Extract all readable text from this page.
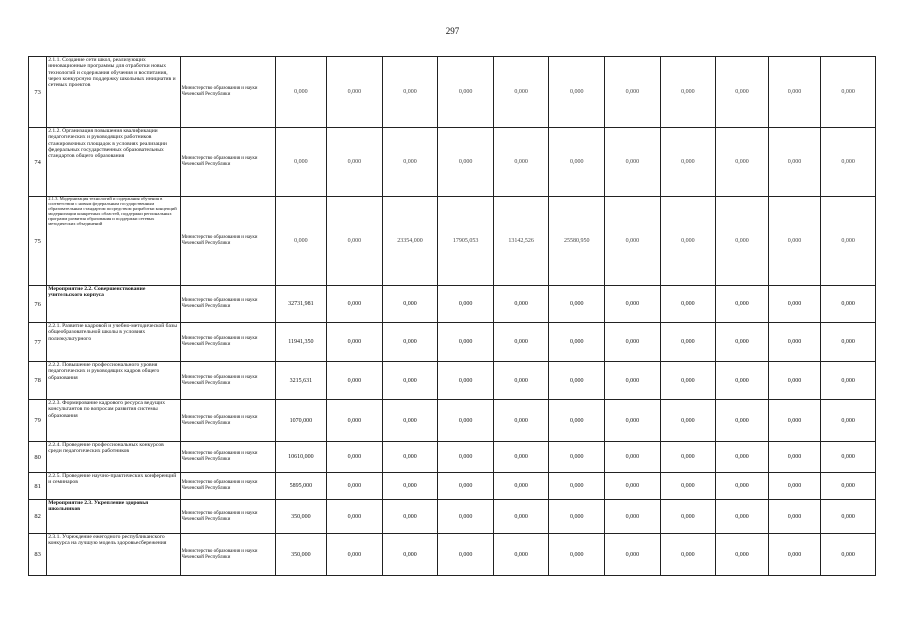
297
73	2.1.1. Создание сети школ, реализующих инновационные программы для отработки новых технологий и содержания обучения и воспитания, через конкурсную поддержку школьных инициатив и сетевых проектов	Министерство образования и науки Чеченской Республики	0,000	0,000	0,000	0,000	0,000	0,000	0,000	0,000	0,000	0,000	0,000
74	2.1.2. Организация повышения квалификации педагогических и руководящих работников стажировочных площадок в условиях реализации федеральных государственных образовательных стандартов общего образования	Министерство образования и науки Чеченской Республики	0,000	0,000	0,000	0,000	0,000	0,000	0,000	0,000	0,000	0,000	0,000
75	2.1.3. Модернизация технологий и содержания обучения в соответствии с новым федеральным государственным образовательным стандартом посредством разработки концепций модернизации конкретных областей, поддержки региональных программ развития образования и поддержки сетевых методических объединений	Министерство образования и науки Чеченской Республики	0,000	0,000	23354,000	17905,053	13142,526	25580,950	0,000	0,000	0,000	0,000	0,000
76	Мероприятие 2.2. Совершенствование учительского корпуса	Министерство образования и науки Чеченской Республики	32731,981	0,000	0,000	0,000	0,000	0,000	0,000	0,000	0,000	0,000	0,000
77	2.2.1. Развитие кадровой и учебно-методической базы общеобразовательной школы в условиях полиэкультурного	Министерство образования и науки Чеченской Республики	11941,350	0,000	0,000	0,000	0,000	0,000	0,000	0,000	0,000	0,000	0,000
78	2.2.2. Повышение профессионального уровня педагогических и руководящих кадров общего образования	Министерство образования и науки Чеченской Республики	3215,631	0,000	0,000	0,000	0,000	0,000	0,000	0,000	0,000	0,000	0,000
79	2.2.3. Формирование кадрового ресурса ведущих консультантов по вопросам развития системы образования	Министерство образования и науки Чеченской Республики	1070,000	0,000	0,000	0,000	0,000	0,000	0,000	0,000	0,000	0,000	0,000
80	2.2.4. Проведение профессиональных конкурсов среди педагогических работников	Министерство образования и науки Чеченской Республики	10610,000	0,000	0,000	0,000	0,000	0,000	0,000	0,000	0,000	0,000	0,000
81	2.2.5. Проведение научно-практических конференций и семинаров	Министерство образования и науки Чеченской Республики	5895,000	0,000	0,000	0,000	0,000	0,000	0,000	0,000	0,000	0,000	0,000
82	Мероприятие 2.3. Укрепление здоровья школьников	Министерство образования и науки Чеченской Республики	350,000	0,000	0,000	0,000	0,000	0,000	0,000	0,000	0,000	0,000	0,000
83	2.3.1. Учреждение ежегодного республиканского конкурса на лучшую модель здоровьесбережения	Министерство образования и науки Чеченской Республики	350,000	0,000	0,000	0,000	0,000	0,000	0,000	0,000	0,000	0,000	0,000
